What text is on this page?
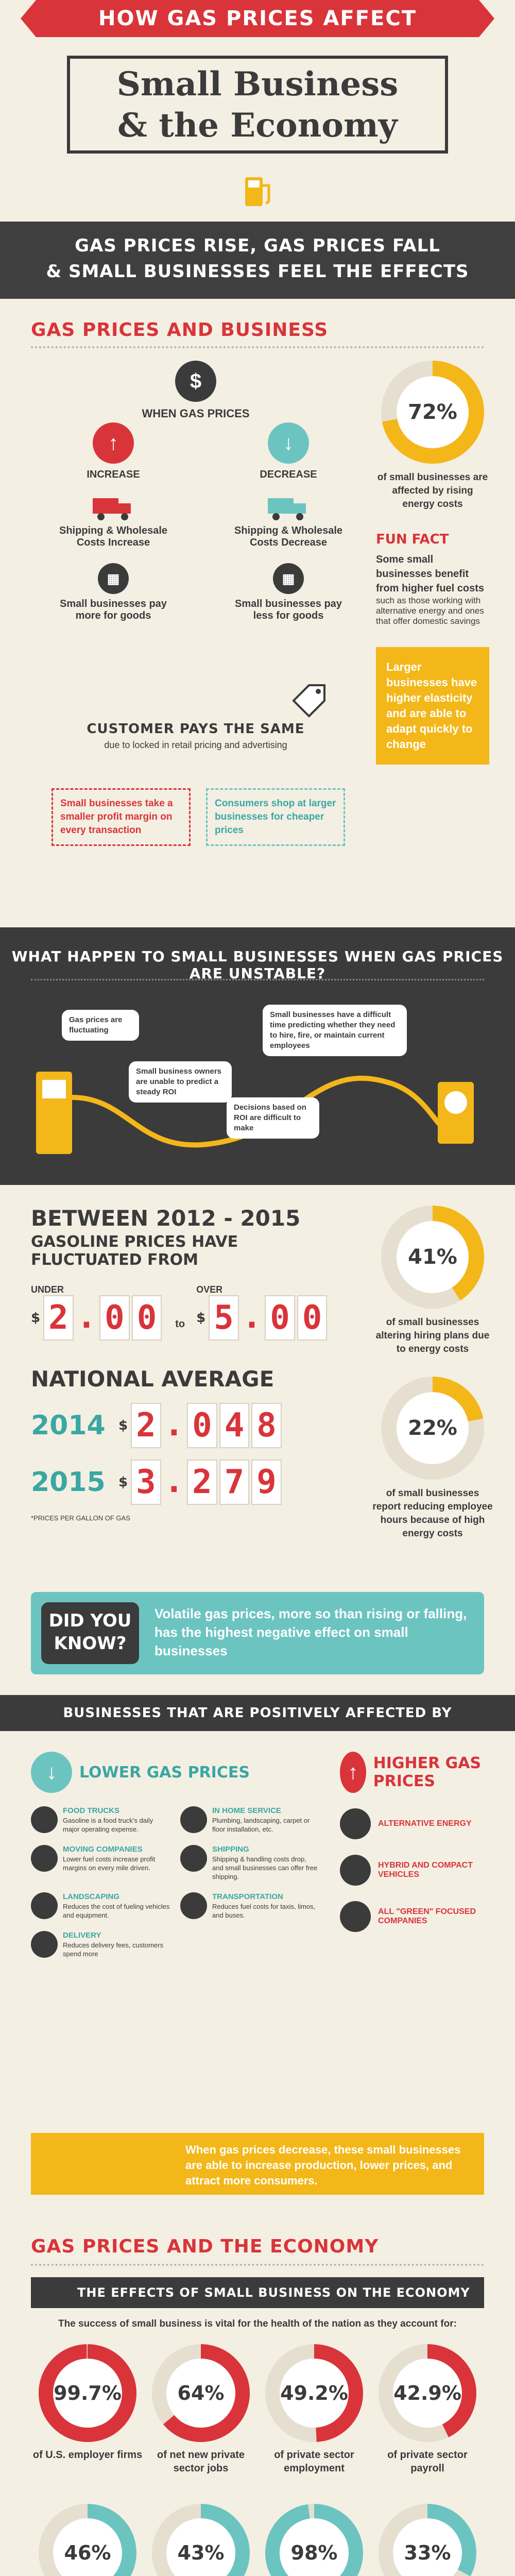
HOW GAS PRICES AFFECT
Small Business
& the Economy
GAS PRICES RISE, GAS PRICES FALL
& SMALL BUSINESSES FEEL THE EFFECTS
GAS PRICES AND BUSINESS
$
WHEN GAS PRICES
↑
INCREASE
Shipping & Wholesale Costs Increase
▦
Small businesses pay more for goods
↓
DECREASE
Shipping & Wholesale Costs Decrease
▦
Small businesses pay less for goods
CUSTOMER PAYS THE SAME
due to locked in retail pricing and advertising
Small businesses take a smaller profit margin on every transaction
Consumers shop at larger businesses for cheaper prices
72%
of small businesses are affected by rising energy costs
FUN FACT
Some small businesses benefit from higher fuel costs
such as those working with alternative energy and ones that offer domestic savings
Larger businesses have higher elasticity and are able to adapt quickly to change
WHAT HAPPEN TO SMALL BUSINESSES WHEN GAS PRICES ARE UNSTABLE?
Gas prices are fluctuating
Small business owners are unable to predict a steady ROI
Small businesses have a difficult time predicting whether they need to hire, fire, or maintain current employees
Decisions based on ROI are difficult to make
BETWEEN 2012 - 2015
GASOLINE PRICES HAVE FLUCTUATED FROM
UNDER
$ 2 . 0 0	to
OVER
$ 5 . 0 0
NATIONAL AVERAGE
2014 $ 2 . 0 4 8
2015 $ 3 . 2 7 9
*PRICES PER GALLON OF GAS
41%
of small businesses altering hiring plans due to energy costs
22%
of small businesses report reducing employee hours because of high energy costs
DID YOU
KNOW?
Volatile gas prices, more so than rising or falling, has the highest negative effect on small businesses
BUSINESSES THAT ARE POSITIVELY AFFECTED BY
↓	LOWER GAS PRICES
FOOD TRUCKS
Gasoline is a food truck's daily major operating expense.
IN HOME SERVICE
Plumbing, landscaping, carpet or floor installation, etc.
MOVING COMPANIES
Lower fuel costs increase profit margins on every mile driven.
SHIPPING
Shipping & handling costs drop, and small businesses can offer free shipping.
LANDSCAPING
Reduces the cost of fueling vehicles and equipment.
TRANSPORTATION
Reduces fuel costs for taxis, limos, and buses.
DELIVERY
Reduces delivery fees, customers spend more
↑ HIGHER GAS PRICES
ALTERNATIVE ENERGY
HYBRID AND COMPACT VEHICLES
ALL "GREEN" FOCUSED COMPANIES
When gas prices decrease, these small businesses are able to increase production, lower prices, and attract more consumers.
GAS PRICES AND THE ECONOMY
THE EFFECTS OF SMALL BUSINESS ON THE ECONOMY
The success of small business is vital for the health of the nation as they account for:
99.7%
of U.S. employer firms
64%
of net new private sector jobs
49.2%
of private sector employment
42.9%
of private sector payroll
46%	43%	98%	33%
